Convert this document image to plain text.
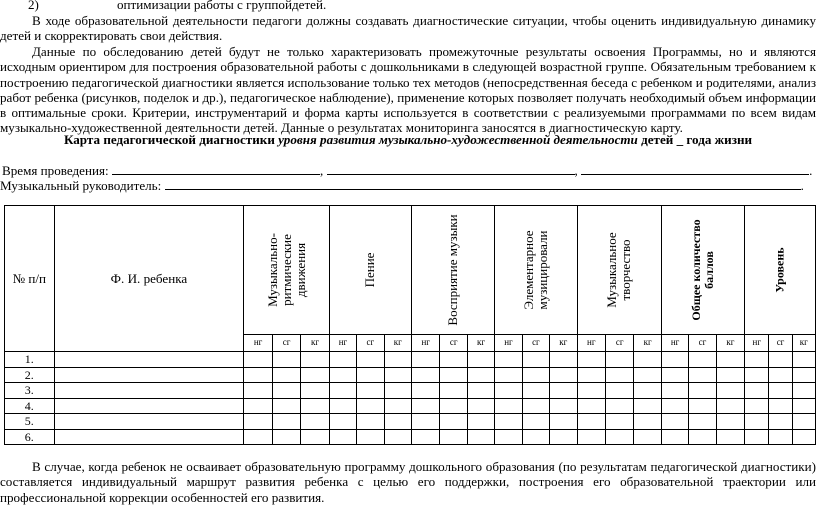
2)	оптимизации работы с группойдетей.

В ходе образовательной деятельности педагоги должны создавать диагностические ситуации, чтобы оценить индивидуальную динамику детей и скорректировать свои действия.

Данные по обследованию детей будут не только характеризовать промежуточные результаты освоения Программы, но и являются исходным ориентиром для построения образовательной работы с дошкольниками в следующей возрастной группе. Обязательным требованием к построению педагогической диагностики является использование только тех методов (непосредственная беседа с ребенком и родителями, анализ работ ребенка (рисунков, поделок и др.), педагогическое наблюдение), применение которых позволяет получать необходимый объем информации в оптимальные сроки. Критерии, инструментарий и форма карты используется в соответствии с реализуемыми программами по всем видам музыкально-художественной деятельности детей. Данные о результатах мониторинга заносятся в диагностическую карту.

Карта педагогической диагностики уровня развития музыкально-художественной деятельности детей _ года жизни
Время проведения:	,	,	.
Музыкальный руководитель:	.
№ п/п	Ф. И. ребенка	Музыкально-ритмические движения			Пение			Восприятие музыки			Элементарное музицировали			Музыкальное творчество			Общее количество баллов			Уровень		

		нг	сг	кг	нг	сг	кг	нг	сг	кг	нг	сг	кг	нг	сг	кг	нг	сг	кг	нг	сг	кг
1.																						
2.																						
3.																						
4.																						
5.																						
6.																						

В случае, когда ребенок не осваивает образовательную программу дошкольного образования (по результатам педагогической диагностики) составляется индивидуальный маршрут развития ребенка с целью его поддержки, построения его образовательной траектории или профессиональной коррекции особенностей его развития.
